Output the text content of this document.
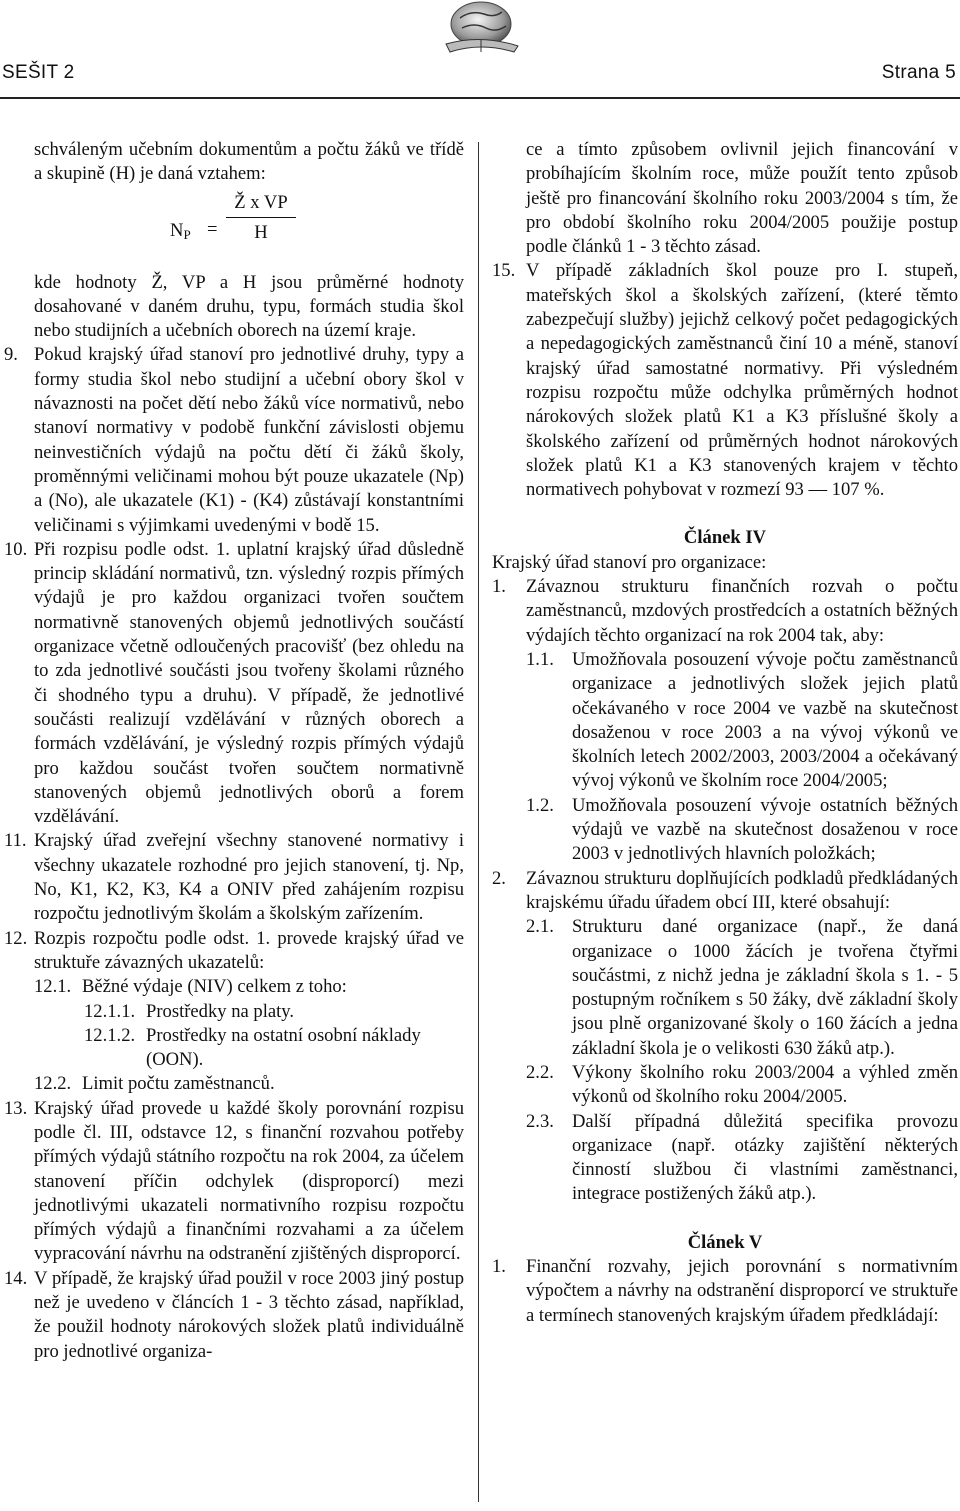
SEŠIT 2	Strana 5

schváleným učebním dokumentům a počtu žáků ve třídě a skupině (H) je daná vztahem:

$N_P$ =
Ž x VP
H

kde hodnoty Ž, VP a H jsou průměrné hodnoty dosahované v daném druhu, typu, formách studia škol nebo studijních a učebních oborech na území kraje.

9. Pokud krajský úřad stanoví pro jednotlivé druhy, typy a formy studia škol nebo studijní a učební obory škol v návaznosti na počet dětí nebo žáků více normativů, nebo stanoví normativy v podobě funkční závislosti objemu neinvestičních výdajů na počtu dětí či žáků školy, proměnnými veličinami mohou být pouze ukazatele (Np) a (No), ale ukazatele (K1) - (K4) zůstávají konstantními veličinami s výjimkami uvedenými v bodě 15.
10. Při rozpisu podle odst. 1. uplatní krajský úřad důsledně princip skládání normativů, tzn. výsledný rozpis přímých výdajů je pro každou organizaci tvořen součtem normativně stanovených objemů jednotlivých součástí organizace včetně odloučených pracovišť (bez ohledu na to zda jednotlivé součásti jsou tvořeny školami různého či shodného typu a druhu). V případě, že jednotlivé součásti realizují vzdělávání v různých oborech a formách vzdělávání, je výsledný rozpis přímých výdajů pro každou součást tvořen součtem normativně stanovených objemů jednotlivých oborů a forem vzdělávání.
11. Krajský úřad zveřejní všechny stanovené normativy i všechny ukazatele rozhodné pro jejich stanovení, tj. Np, No, K1, K2, K3, K4 a ONIV před zahájením rozpisu rozpočtu jednotlivým školám a školským zařízením.
12. Rozpis rozpočtu podle odst. 1. provede krajský úřad ve struktuře závazných ukazatelů:
12.1. Běžné výdaje (NIV) celkem z toho:
12.1.1. Prostředky na platy.
12.1.2. Prostředky na ostatní osobní náklady (OON).
12.2. Limit počtu zaměstnanců.
13. Krajský úřad provede u každé školy porovnání rozpisu podle čl. III, odstavce 12, s finanční rozvahou potřeby přímých výdajů státního rozpočtu na rok 2004, za účelem stanovení příčin odchylek (disproporcí) mezi jednotlivými ukazateli normativního rozpisu rozpočtu přímých výdajů a finančními rozvahami a za účelem vypracování návrhu na odstranění zjištěných disproporcí.
14. V případě, že krajský úřad použil v roce 2003 jiný postup než je uvedeno v článcích 1 - 3 těchto zásad, například, že použil hodnoty nárokových složek platů individuálně pro jednotlivé organiza-

ce a tímto způsobem ovlivnil jejich financování v probíhajícím školním roce, může použít tento způsob ještě pro financování školního roku 2003/2004 s tím, že pro období školního roku 2004/2005 použije postup podle článků 1 - 3 těchto zásad.

15. V případě základních škol pouze pro I. stupeň, mateřských škol a školských zařízení, (které těmto zabezpečují služby) jejichž celkový počet pedagogických a nepedagogických zaměstnanců činí 10 a méně, stanoví krajský úřad samostatné normativy. Při výsledném rozpisu rozpočtu může odchylka průměrných hodnot nárokových složek platů K1 a K3 příslušné školy a školského zařízení od průměrných hodnot nárokových složek platů K1 a K3 stanovených krajem v těchto normativech pohybovat v rozmezí 93 — 107 %.

Článek IV

Krajský úřad stanoví pro organizace:

1.	Závaznou strukturu finančních rozvah o počtu zaměstnanců, mzdových prostředcích a ostatních běžných výdajích těchto organizací na rok 2004 tak, aby:
1.1. Umožňovala posouzení vývoje počtu zaměstnanců organizace a jednotlivých složek jejich platů očekávaného v roce 2004 ve vazbě na skutečnost dosaženou v roce 2003 a na vývoj výkonů ve školních letech 2002/2003, 2003/2004 a očekávaný vývoj výkonů ve školním roce 2004/2005;
1.2. Umožňovala posouzení vývoje ostatních běžných výdajů ve vazbě na skutečnost dosaženou v roce 2003 v jednotlivých hlavních položkách;
2.	Závaznou strukturu doplňujících podkladů předkládaných krajskému úřadu úřadem obcí III, které obsahují:
2.1. Strukturu dané organizace (např., že daná organizace o 1000 žácích je tvořena čtyřmi součástmi, z nichž jedna je základní škola s 1. - 5 postupným ročníkem s 50 žáky, dvě základní školy jsou plně organizované školy o 160 žácích a jedna základní škola je o velikosti 630 žáků atp.).
2.2. Výkony školního roku 2003/2004 a výhled změn výkonů od školního roku 2004/2005.
2.3. Další případná důležitá specifika provozu organizace (např. otázky zajištění některých činností službou či vlastními zaměstnanci, integrace postižených žáků atp.).

Článek V

1.	Finanční rozvahy, jejich porovnání s normativním výpočtem a návrhy na odstranění disproporcí ve struktuře a termínech stanovených krajským úřadem předkládají:
